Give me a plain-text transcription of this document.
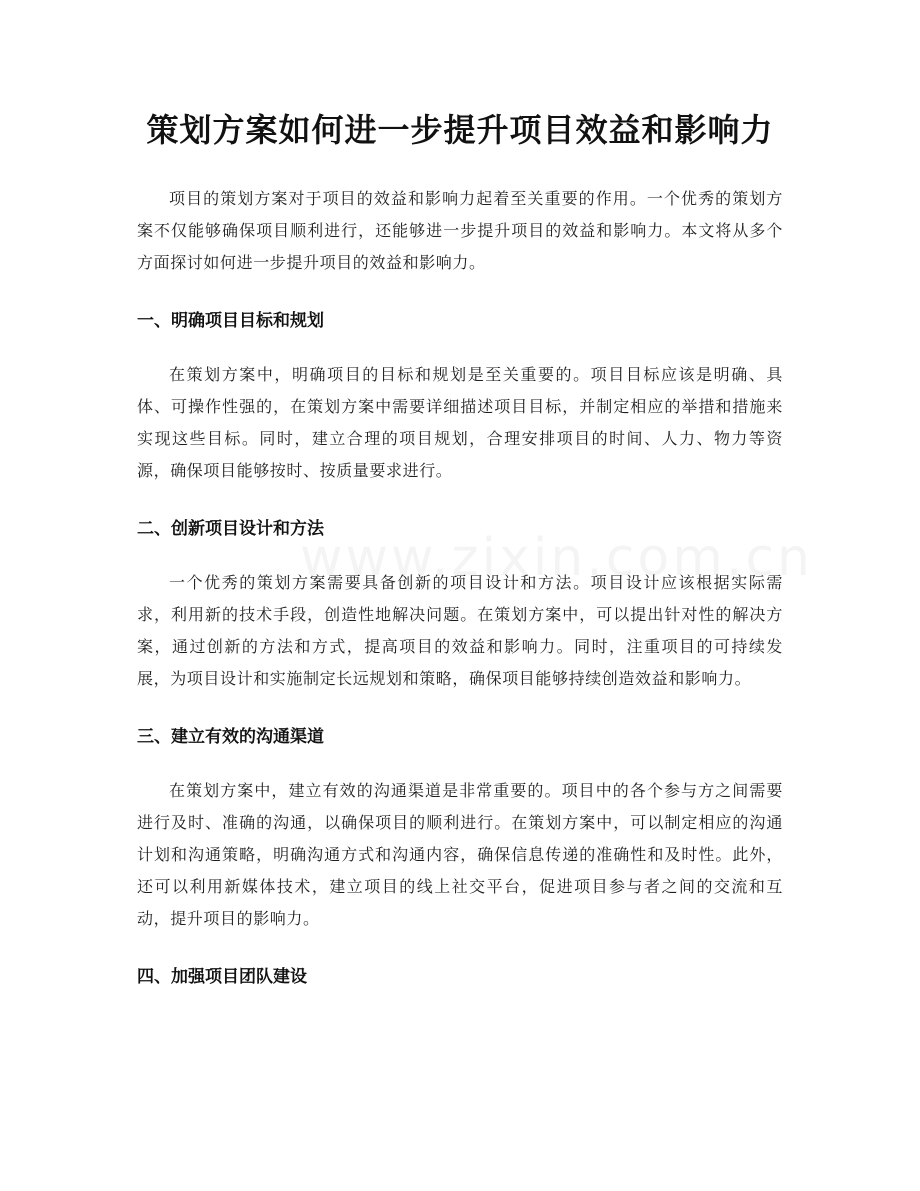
策划方案如何进一步提升项目效益和影响力

项目的策划方案对于项目的效益和影响力起着至关重要的作用。一个优秀的策划方案不仅能够确保项目顺利进行，还能够进一步提升项目的效益和影响力。本文将从多个方面探讨如何进一步提升项目的效益和影响力。

一、明确项目目标和规划

在策划方案中，明确项目的目标和规划是至关重要的。项目目标应该是明确、具体、可操作性强的，在策划方案中需要详细描述项目目标，并制定相应的举措和措施来实现这些目标。同时，建立合理的项目规划，合理安排项目的时间、人力、物力等资源，确保项目能够按时、按质量要求进行。

二、创新项目设计和方法

一个优秀的策划方案需要具备创新的项目设计和方法。项目设计应该根据实际需求，利用新的技术手段，创造性地解决问题。在策划方案中，可以提出针对性的解决方案，通过创新的方法和方式，提高项目的效益和影响力。同时，注重项目的可持续发展，为项目设计和实施制定长远规划和策略，确保项目能够持续创造效益和影响力。

三、建立有效的沟通渠道

在策划方案中，建立有效的沟通渠道是非常重要的。项目中的各个参与方之间需要进行及时、准确的沟通，以确保项目的顺利进行。在策划方案中，可以制定相应的沟通计划和沟通策略，明确沟通方式和沟通内容，确保信息传递的准确性和及时性。此外，还可以利用新媒体技术，建立项目的线上社交平台，促进项目参与者之间的交流和互动，提升项目的影响力。

四、加强项目团队建设
